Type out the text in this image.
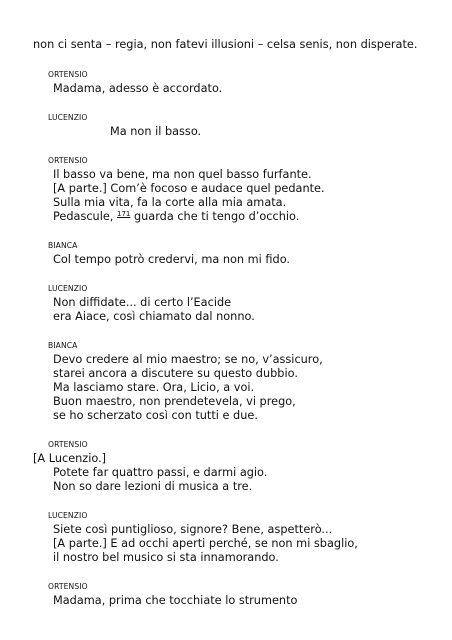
non ci senta – regia, non fatevi illusioni – celsa senis, non disperate.
ORTENSIO
Madama, adesso è accordato.
LUCENZIO
Ma non il basso.
ORTENSIO
Il basso va bene, ma non quel basso furfante.
[A parte.] Com’è focoso e audace quel pedante.
Sulla mia vita, fa la corte alla mia amata.
Pedascule, $^{171}$ guarda che ti tengo d’occhio.
BIANCA
Col tempo potrò credervi, ma non mi fido.
LUCENZIO
Non diffidate... di certo l’Eacide
era Aiace, così chiamato dal nonno.
BIANCA
Devo credere al mio maestro; se no, v’assicuro,
starei ancora a discutere su questo dubbio.
Ma lasciamo stare. Ora, Licio, a voi.
Buon maestro, non prendetevela, vi prego,
se ho scherzato così con tutti e due.
ORTENSIO
[A Lucenzio.]
Potete far quattro passi, e darmi agio.
Non so dare lezioni di musica a tre.
LUCENZIO
Siete così puntiglioso, signore? Bene, aspetterò...
[A parte.] E ad occhi aperti perché, se non mi sbaglio,
il nostro bel musico si sta innamorando.
ORTENSIO
Madama, prima che tocchiate lo strumento
